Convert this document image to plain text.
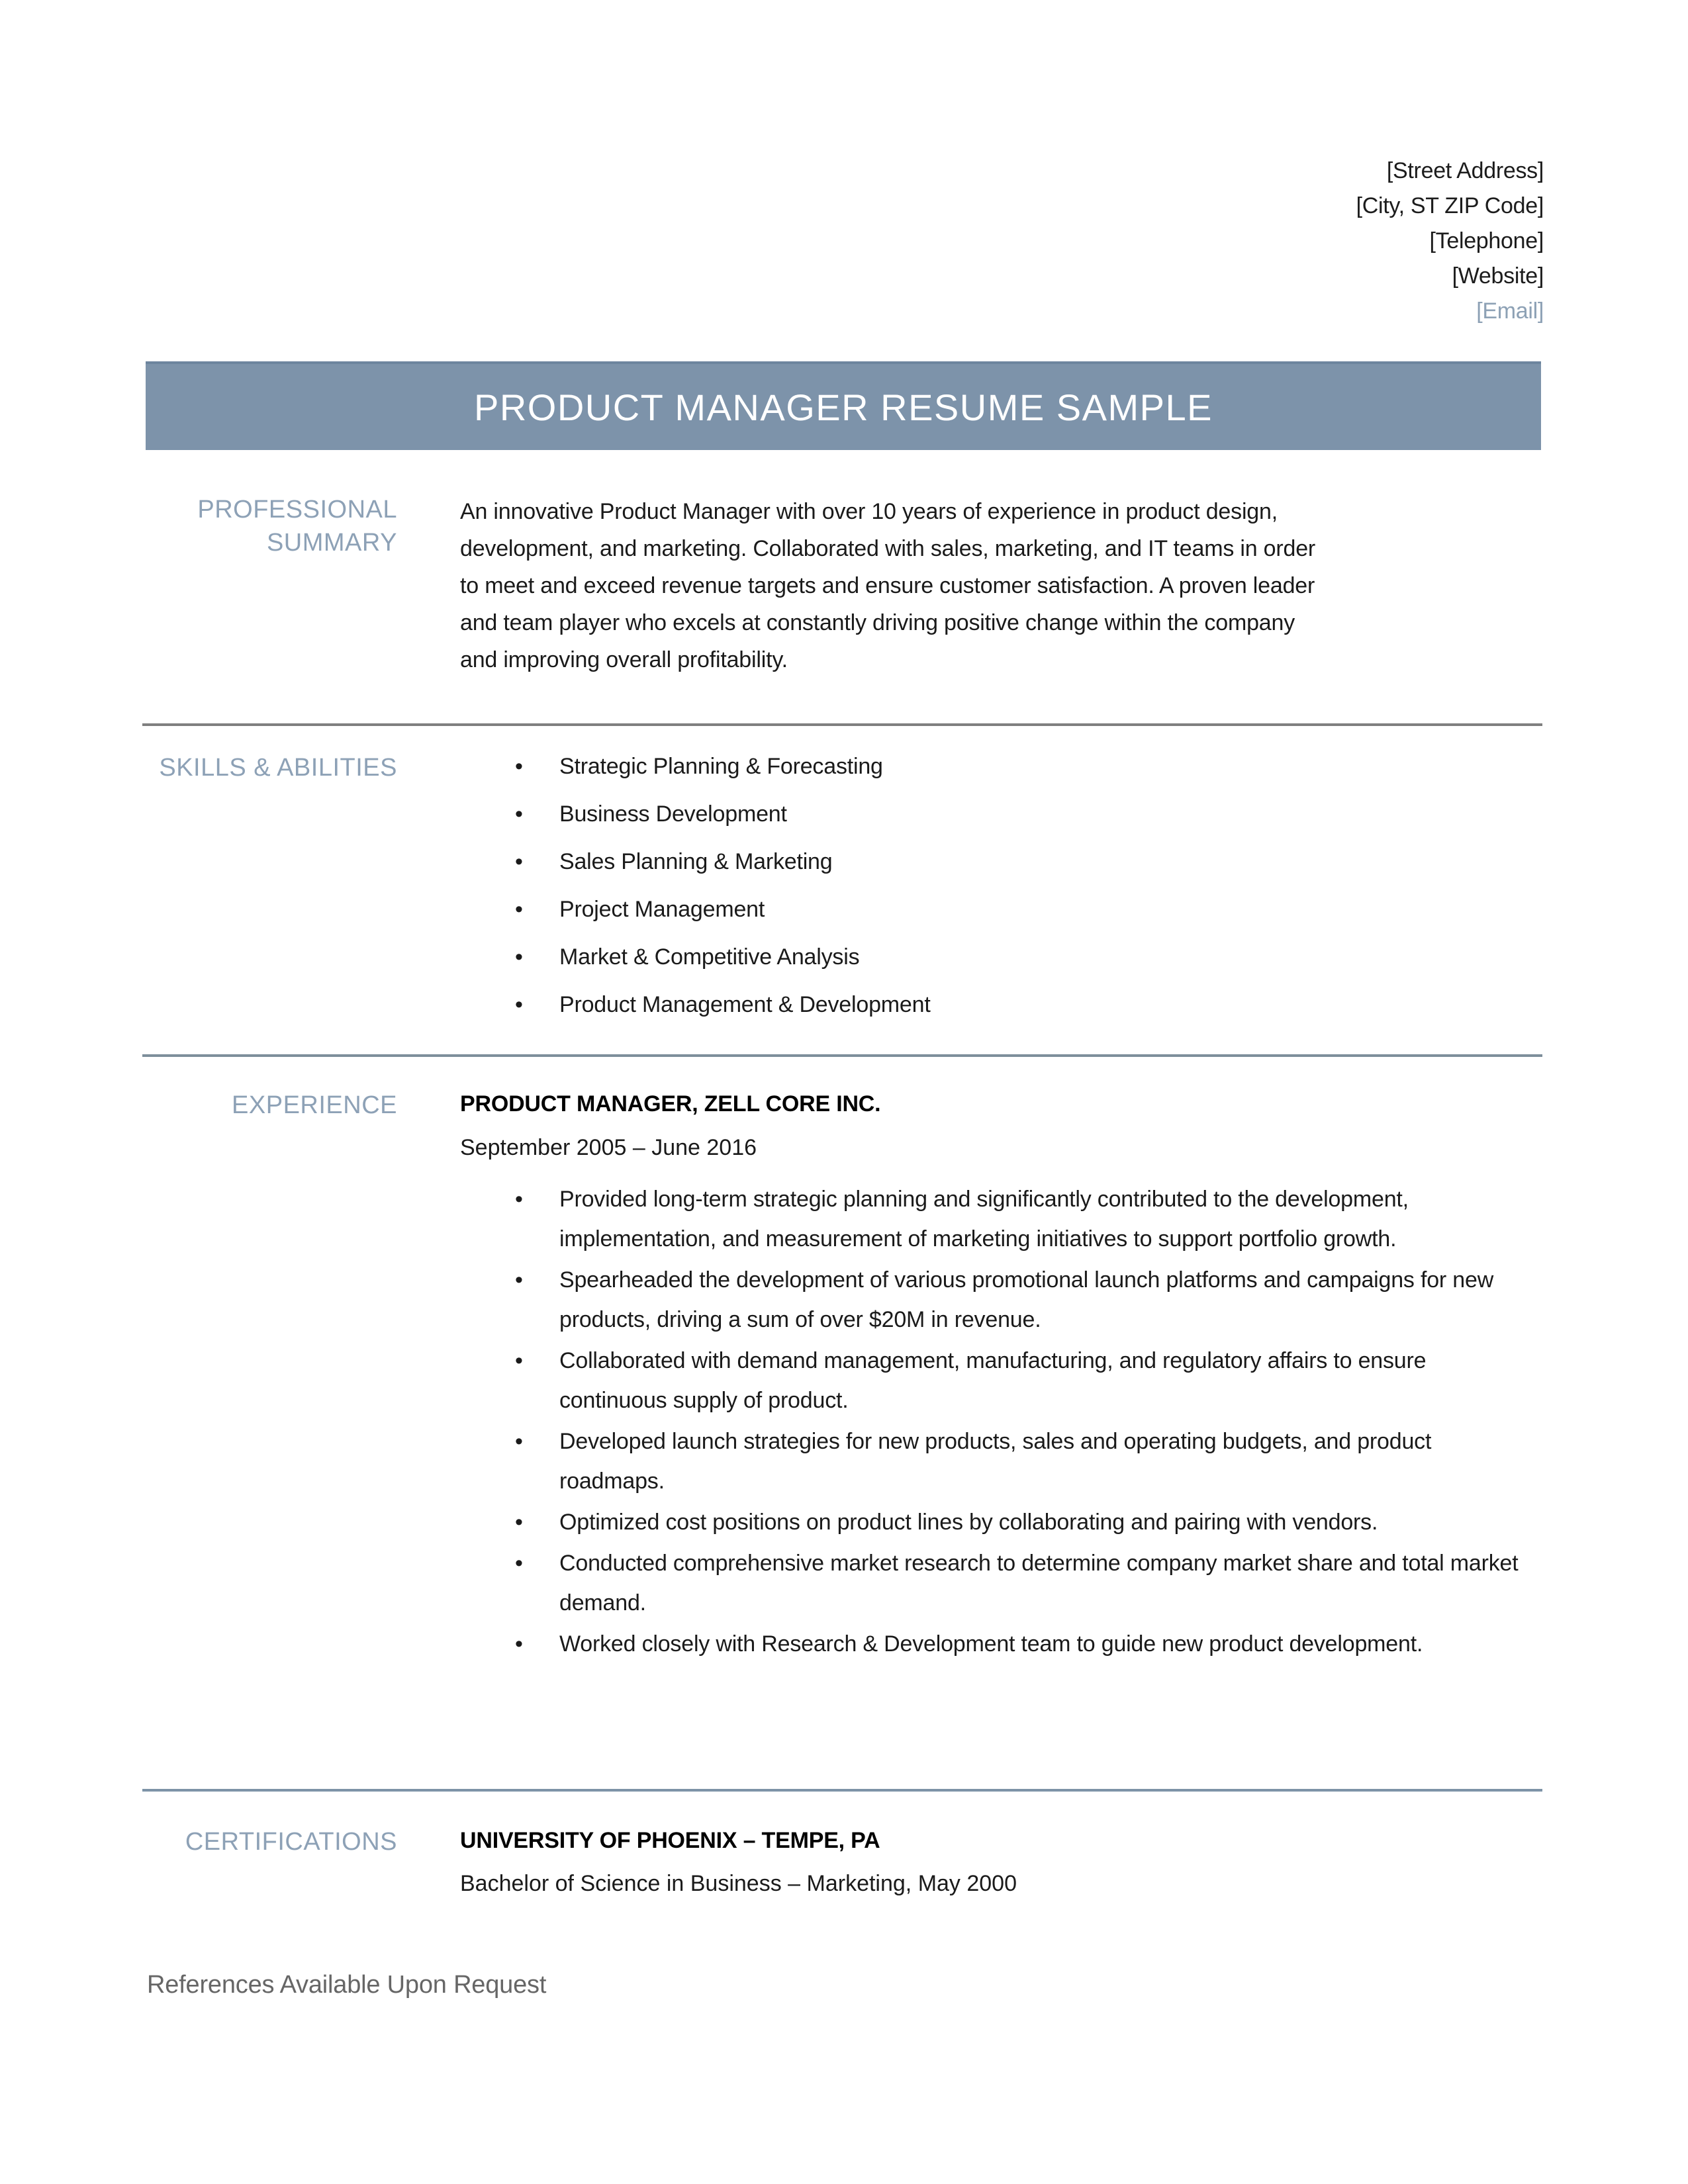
[Street Address]
[City, ST ZIP Code]
[Telephone]
[Website]
[Email]
PRODUCT MANAGER RESUME SAMPLE
PROFESSIONAL SUMMARY
An innovative Product Manager with over 10 years of experience in product design, development, and marketing. Collaborated with sales, marketing, and IT teams in order to meet and exceed revenue targets and ensure customer satisfaction. A proven leader and team player who excels at constantly driving positive change within the company and improving overall profitability.
SKILLS & ABILITIES	• Strategic Planning & Forecasting
• Business Development
• Sales Planning & Marketing
• Project Management
• Market & Competitive Analysis
• Product Management & Development
EXPERIENCE	PRODUCT MANAGER, ZELL CORE INC.
September 2005 – June 2016
• Provided long-term strategic planning and significantly contributed to the development, implementation, and measurement of marketing initiatives to support portfolio growth.
• Spearheaded the development of various promotional launch platforms and campaigns for new products, driving a sum of over $20M in revenue.
• Collaborated with demand management, manufacturing, and regulatory affairs to ensure continuous supply of product.
• Developed launch strategies for new products, sales and operating budgets, and product roadmaps.
• Optimized cost positions on product lines by collaborating and pairing with vendors.
• Conducted comprehensive market research to determine company market share and total market demand.
• Worked closely with Research & Development team to guide new product development.
CERTIFICATIONS	UNIVERSITY OF PHOENIX – TEMPE, PA
Bachelor of Science in Business – Marketing, May 2000
References Available Upon Request
